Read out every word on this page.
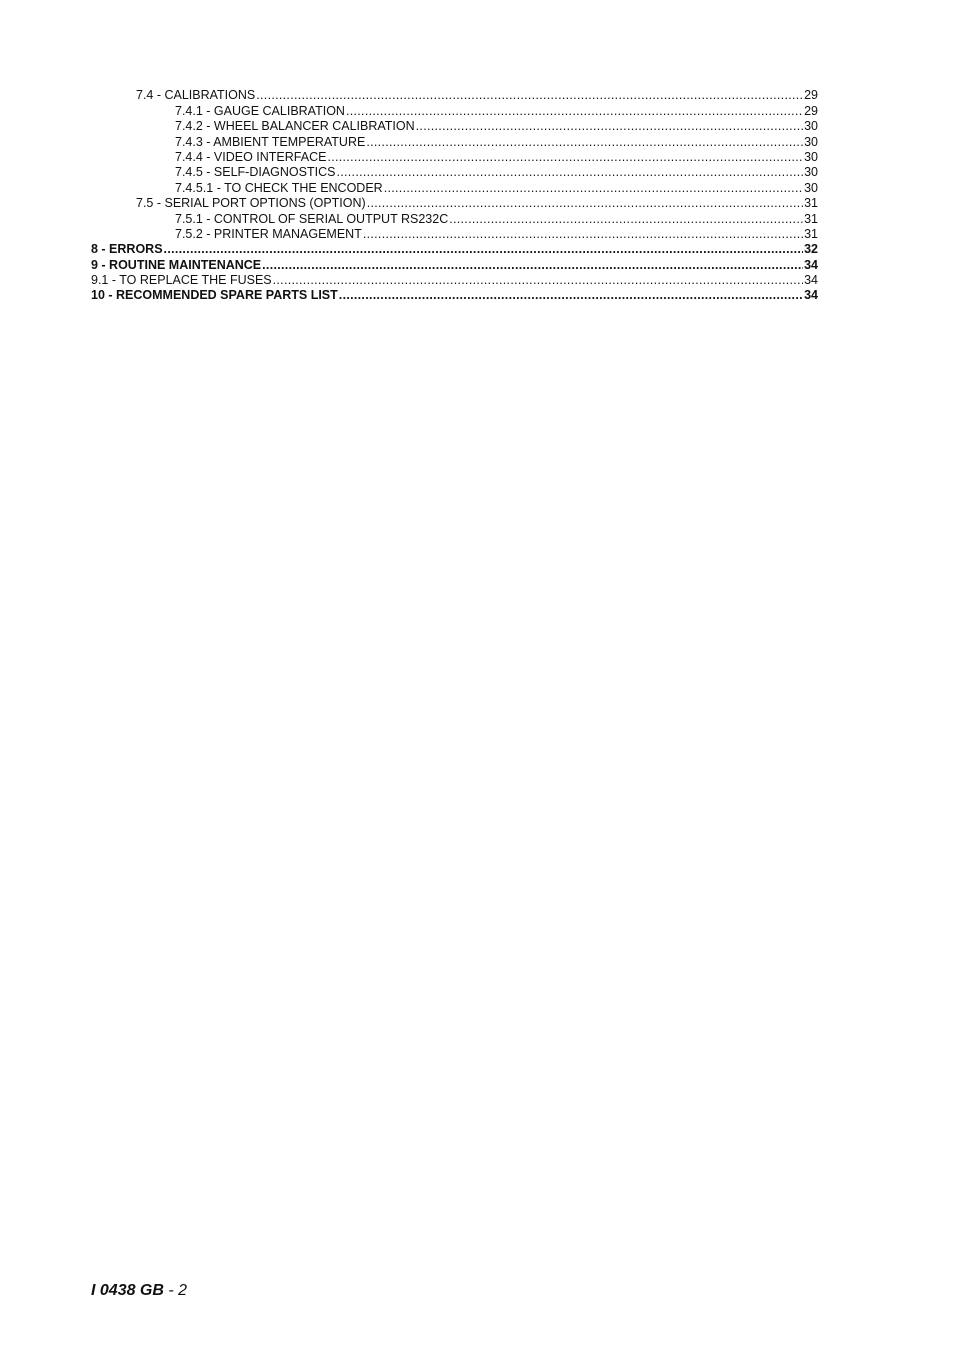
7.4 - CALIBRATIONS .....	29
7.4.1 - GAUGE CALIBRATION .....	29
7.4.2 - WHEEL BALANCER CALIBRATION .....	30
7.4.3 - AMBIENT TEMPERATURE .....	30
7.4.4 - VIDEO INTERFACE .....	30
7.4.5 - SELF-DIAGNOSTICS .....	30
7.4.5.1 - TO CHECK THE ENCODER .....	30
7.5 - SERIAL PORT OPTIONS (OPTION) .....	31
7.5.1 - CONTROL OF SERIAL OUTPUT RS232C .....	31
7.5.2 - PRINTER MANAGEMENT .....	31
8 - ERRORS .....	32
9 - ROUTINE MAINTENANCE .....	34
9.1 - TO REPLACE THE FUSES .....	34
10 - RECOMMENDED SPARE PARTS LIST .....	34
I 0438 GB - 2
